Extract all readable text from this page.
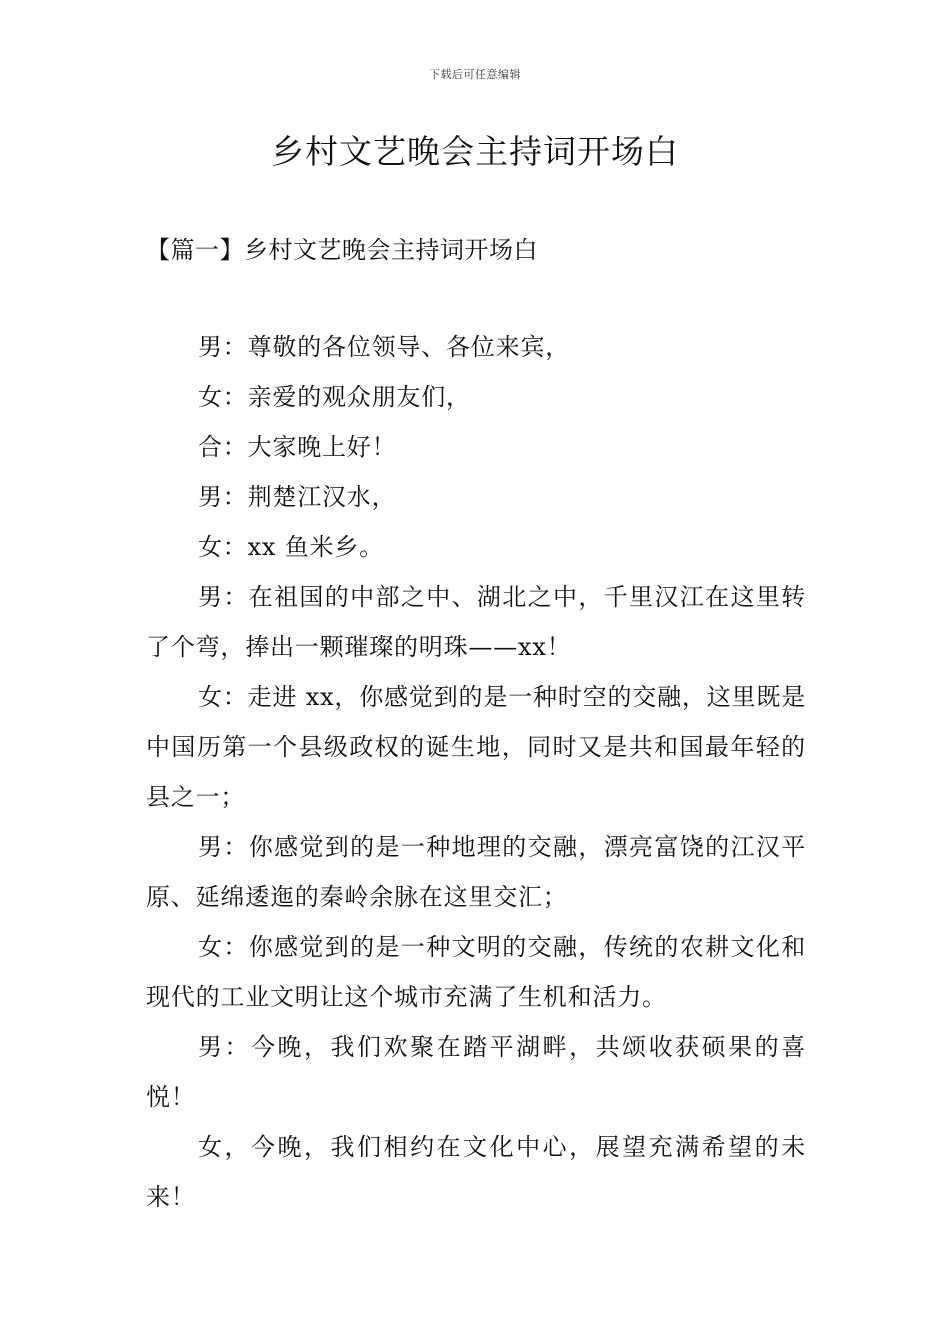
下载后可任意编辑
乡村文艺晚会主持词开场白
【篇一】乡村文艺晚会主持词开场白

男：尊敬的各位领导、各位来宾，

女：亲爱的观众朋友们，

合：大家晚上好！

男：荆楚江汉水，

女：xx 鱼米乡。

男：在祖国的中部之中、湖北之中，千里汉江在这里转了个弯，捧出一颗璀璨的明珠——xx！

女：走进 xx，你感觉到的是一种时空的交融，这里既是中国历第一个县级政权的诞生地，同时又是共和国最年轻的县之一；

男：你感觉到的是一种地理的交融，漂亮富饶的江汉平原、延绵逶迤的秦岭余脉在这里交汇；

女：你感觉到的是一种文明的交融，传统的农耕文化和现代的工业文明让这个城市充满了生机和活力。

男：今晚，我们欢聚在踏平湖畔，共颂收获硕果的喜悦！

女，今晚，我们相约在文化中心，展望充满希望的未来！
